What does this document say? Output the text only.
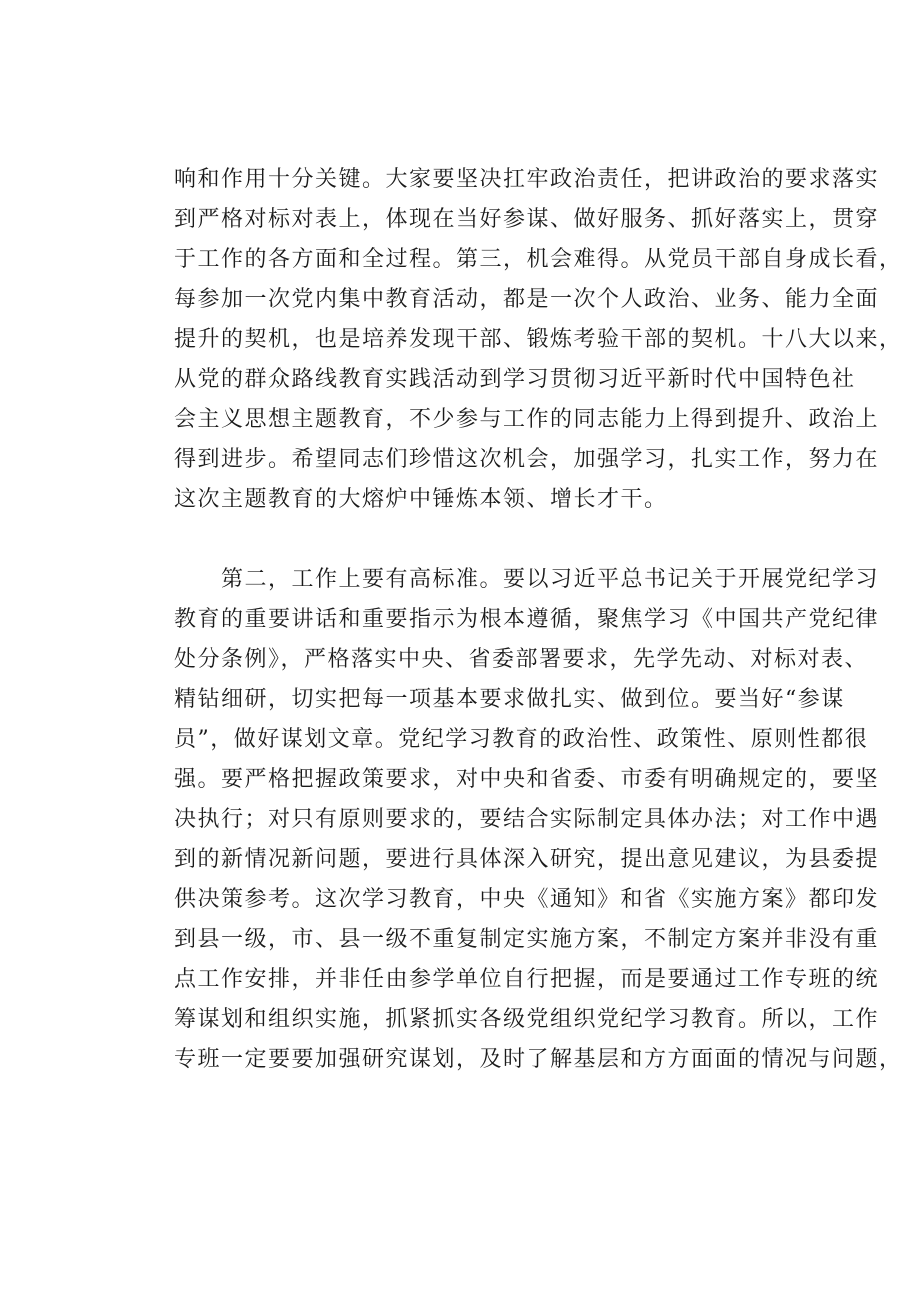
响和作用十分关键。大家要坚决扛牢政治责任，把讲政治的要求落实
到严格对标对表上，体现在当好参谋、做好服务、抓好落实上，贯穿
于工作的各方面和全过程。第三，机会难得。从党员干部自身成长看，
每参加一次党内集中教育活动，都是一次个人政治、业务、能力全面
提升的契机，也是培养发现干部、锻炼考验干部的契机。十八大以来，
从党的群众路线教育实践活动到学习贯彻习近平新时代中国特色社
会主义思想主题教育，不少参与工作的同志能力上得到提升、政治上
得到进步。希望同志们珍惜这次机会，加强学习，扎实工作，努力在
这次主题教育的大熔炉中锤炼本领、增长才干。
　　第二，工作上要有高标准。要以习近平总书记关于开展党纪学习
教育的重要讲话和重要指示为根本遵循，聚焦学习《中国共产党纪律
处分条例》，严格落实中央、省委部署要求，先学先动、对标对表、
精钻细研，切实把每一项基本要求做扎实、做到位。要当好“参谋
员”，做好谋划文章。党纪学习教育的政治性、政策性、原则性都很
强。要严格把握政策要求，对中央和省委、市委有明确规定的，要坚
决执行；对只有原则要求的，要结合实际制定具体办法；对工作中遇
到的新情况新问题，要进行具体深入研究，提出意见建议，为县委提
供决策参考。这次学习教育，中央《通知》和省《实施方案》都印发
到县一级，市、县一级不重复制定实施方案，不制定方案并非没有重
点工作安排，并非任由参学单位自行把握，而是要通过工作专班的统
筹谋划和组织实施，抓紧抓实各级党组织党纪学习教育。所以，工作
专班一定要要加强研究谋划，及时了解基层和方方面面的情况与问题，
